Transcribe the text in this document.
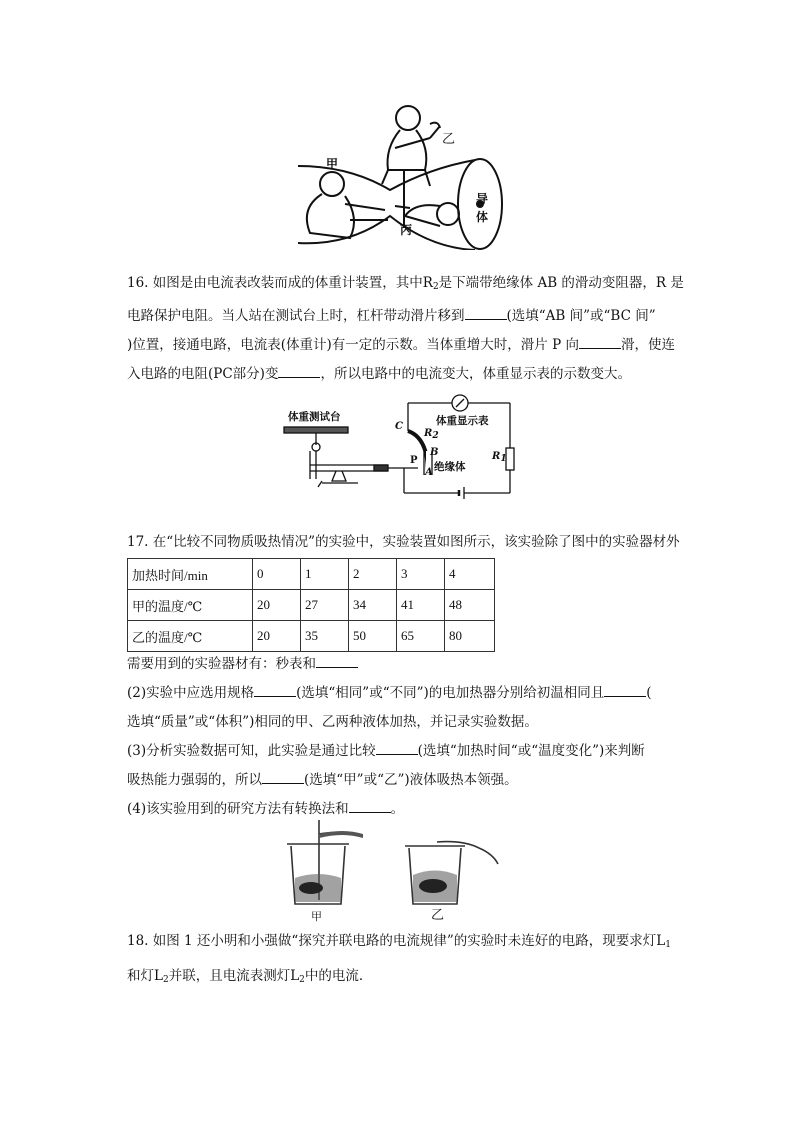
甲
乙
丙
导
体

16. 如图是由电流表改装而成的体重计装置，其中$R_2$是下端带绝缘体 AB 的滑动变阻器，R 是

电路保护电阻。当人站在测试台上时，杠杆带动滑片移到	(选填“AB 间”或“BC 间”

)位置，接通电路，电流表(体重计)有一定的示数。当体重增大时，滑片 P 向	滑，使连

入电路的电阻(PC部分)变	，所以电路中的电流变大，体重显示表的示数变大。

体重测试台	体重显示表
绝缘体
C
$R_2$
B
A
P	$R_1$

17. 在“比较不同物质吸热情况”的实验中，实验装置如图所示，该实验除了图中的实验器材外

加热时间/min	0	1	2	3	4
甲的温度/℃	20	27	34	41	48
乙的温度/℃	20	35	50	65	80

需要用到的实验器材有：秒表和

(2)实验中应选用规格	(选填“相同”或“不同”)的电加热器分别给初温相同且	(

选填“质量”或“体积”)相同的甲、乙两种液体加热，并记录实验数据。

(3)分析实验数据可知，此实验是通过比较	(选填“加热时间“或“温度变化”)来判断

吸热能力强弱的，所以	(选填“甲”或“乙”)液体吸热本领强。

(4)该实验用到的研究方法有转换法和	。

甲	乙

18. 如图 1 还小明和小强做“探究并联电路的电流规律”的实验时未连好的电路，现要求灯$L_1$

和灯$L_2$并联，且电流表测灯$L_2$中的电流．
